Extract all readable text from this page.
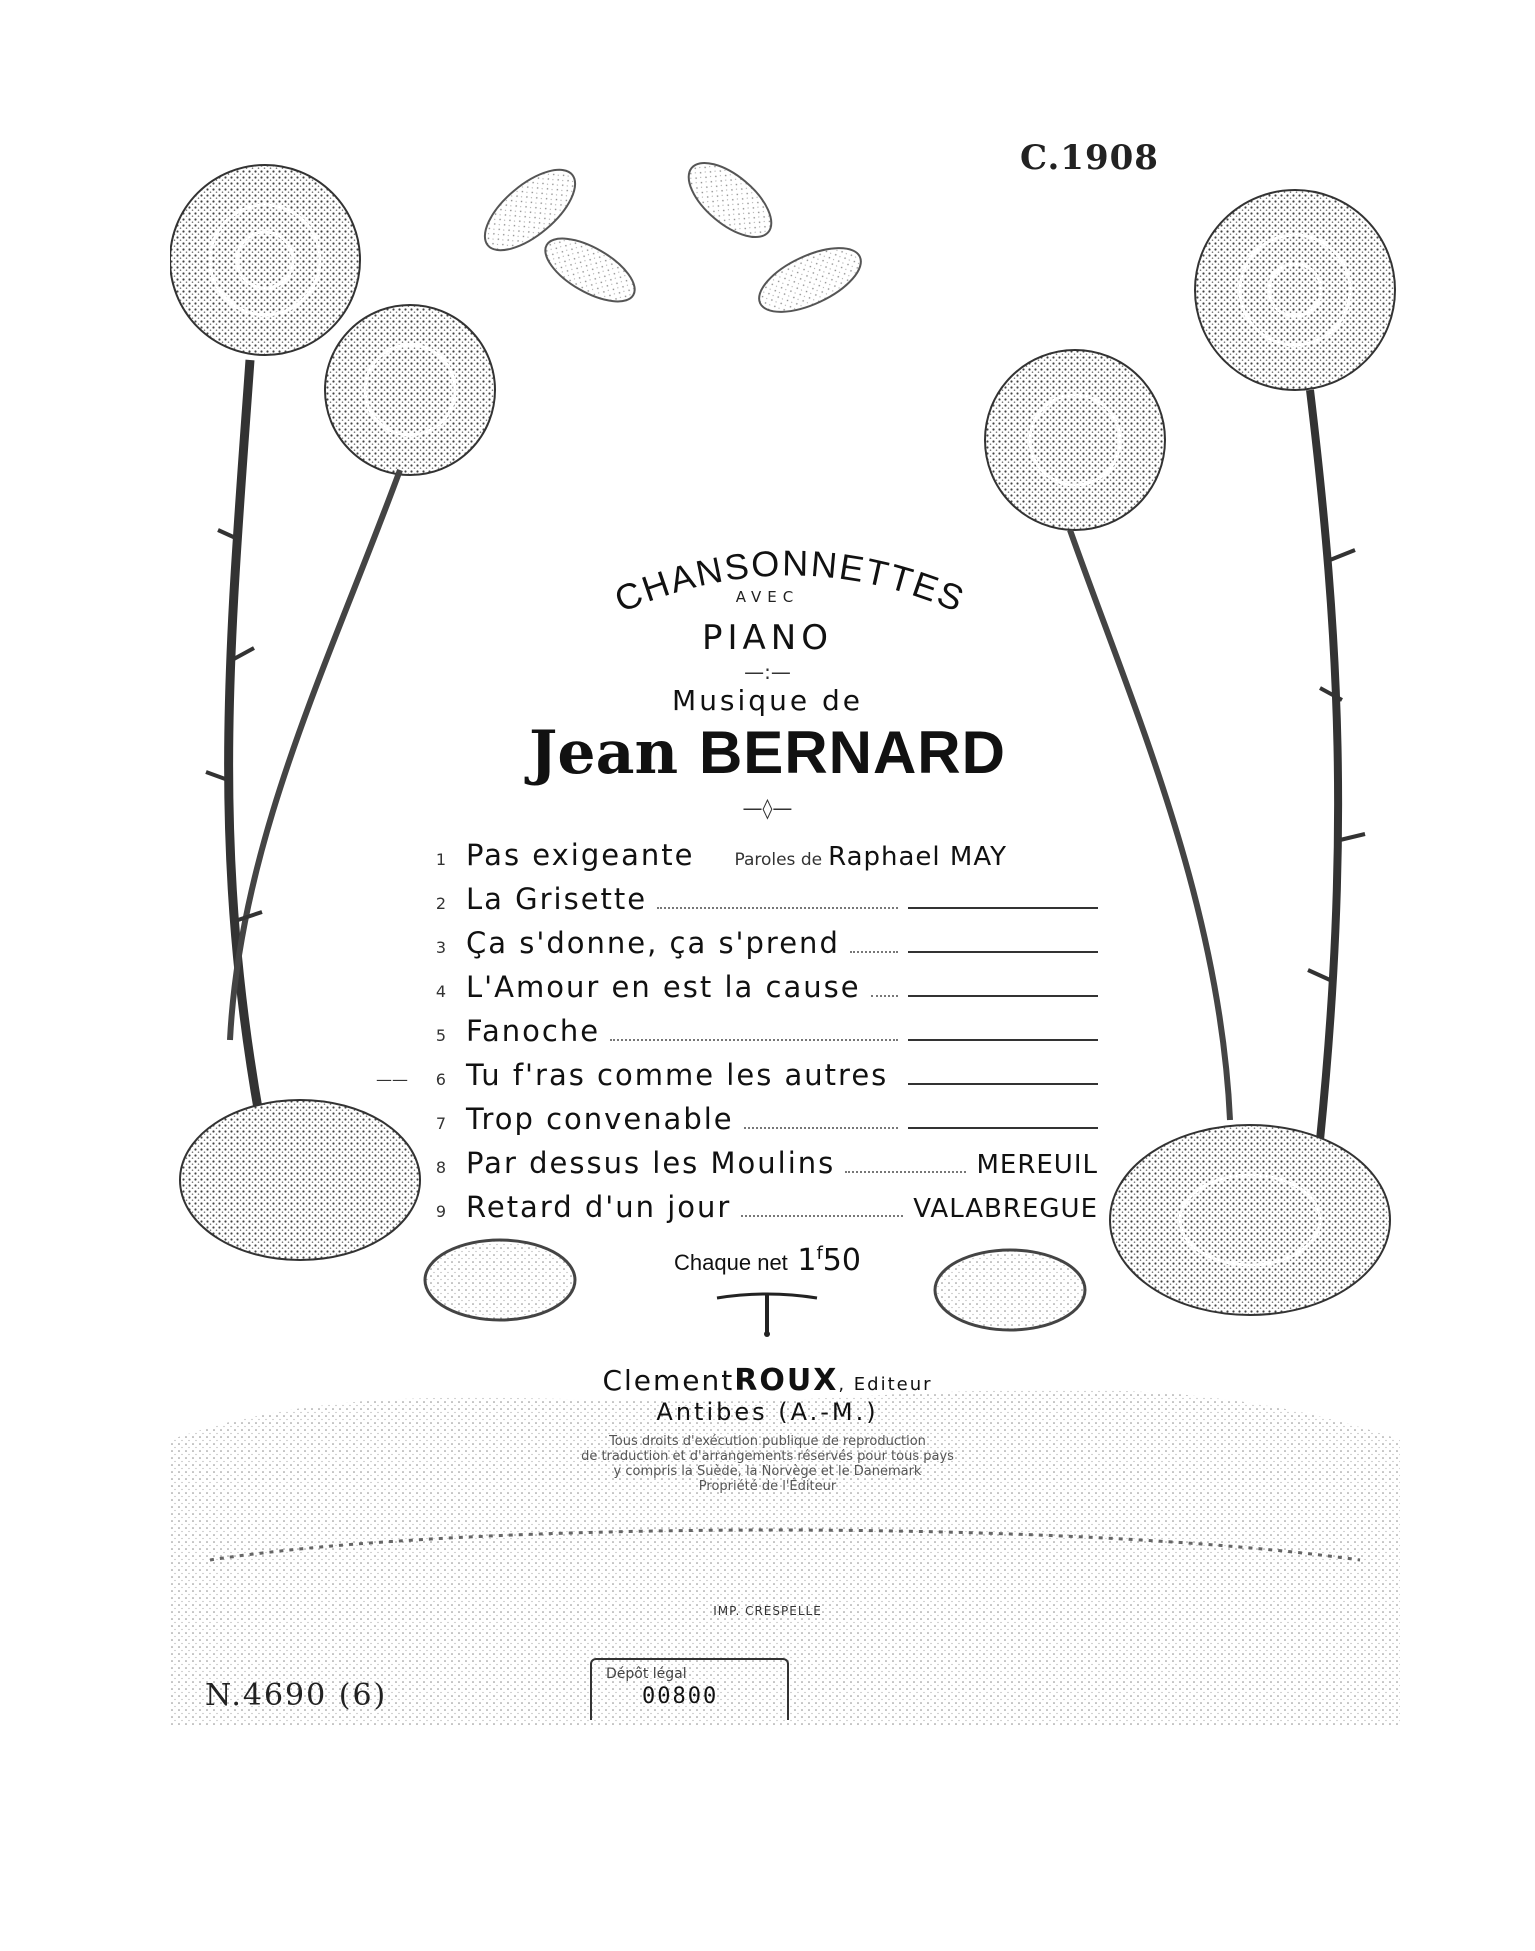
C.1908
CHANSONNETTES
AVEC
PIANO
—:—
Musique de
Jean BERNARD
—◊—
1 Pas exigeante Paroles de Raphael MAY
2 La Grisette
3 Ça s'donne, ça s'prend
4 L'Amour en est la cause
5 Fanoche
—— 6 Tu f'ras comme les autres
7 Trop convenable
8 Par dessus les Moulins	MEREUIL
9 Retard d'un jour	VALABREGUE
Chaque net 1$^f$50
ClementROUX, Editeur
Antibes (A.-M.)
Tous droits d'exécution publique de reproduction
de traduction et d'arrangements réservés pour tous pays
y compris la Suède, la Norvège et le Danemark
Propriété de l'Éditeur
IMP. CRESPELLE
Dépôt légal
00800
N.4690 (6)
